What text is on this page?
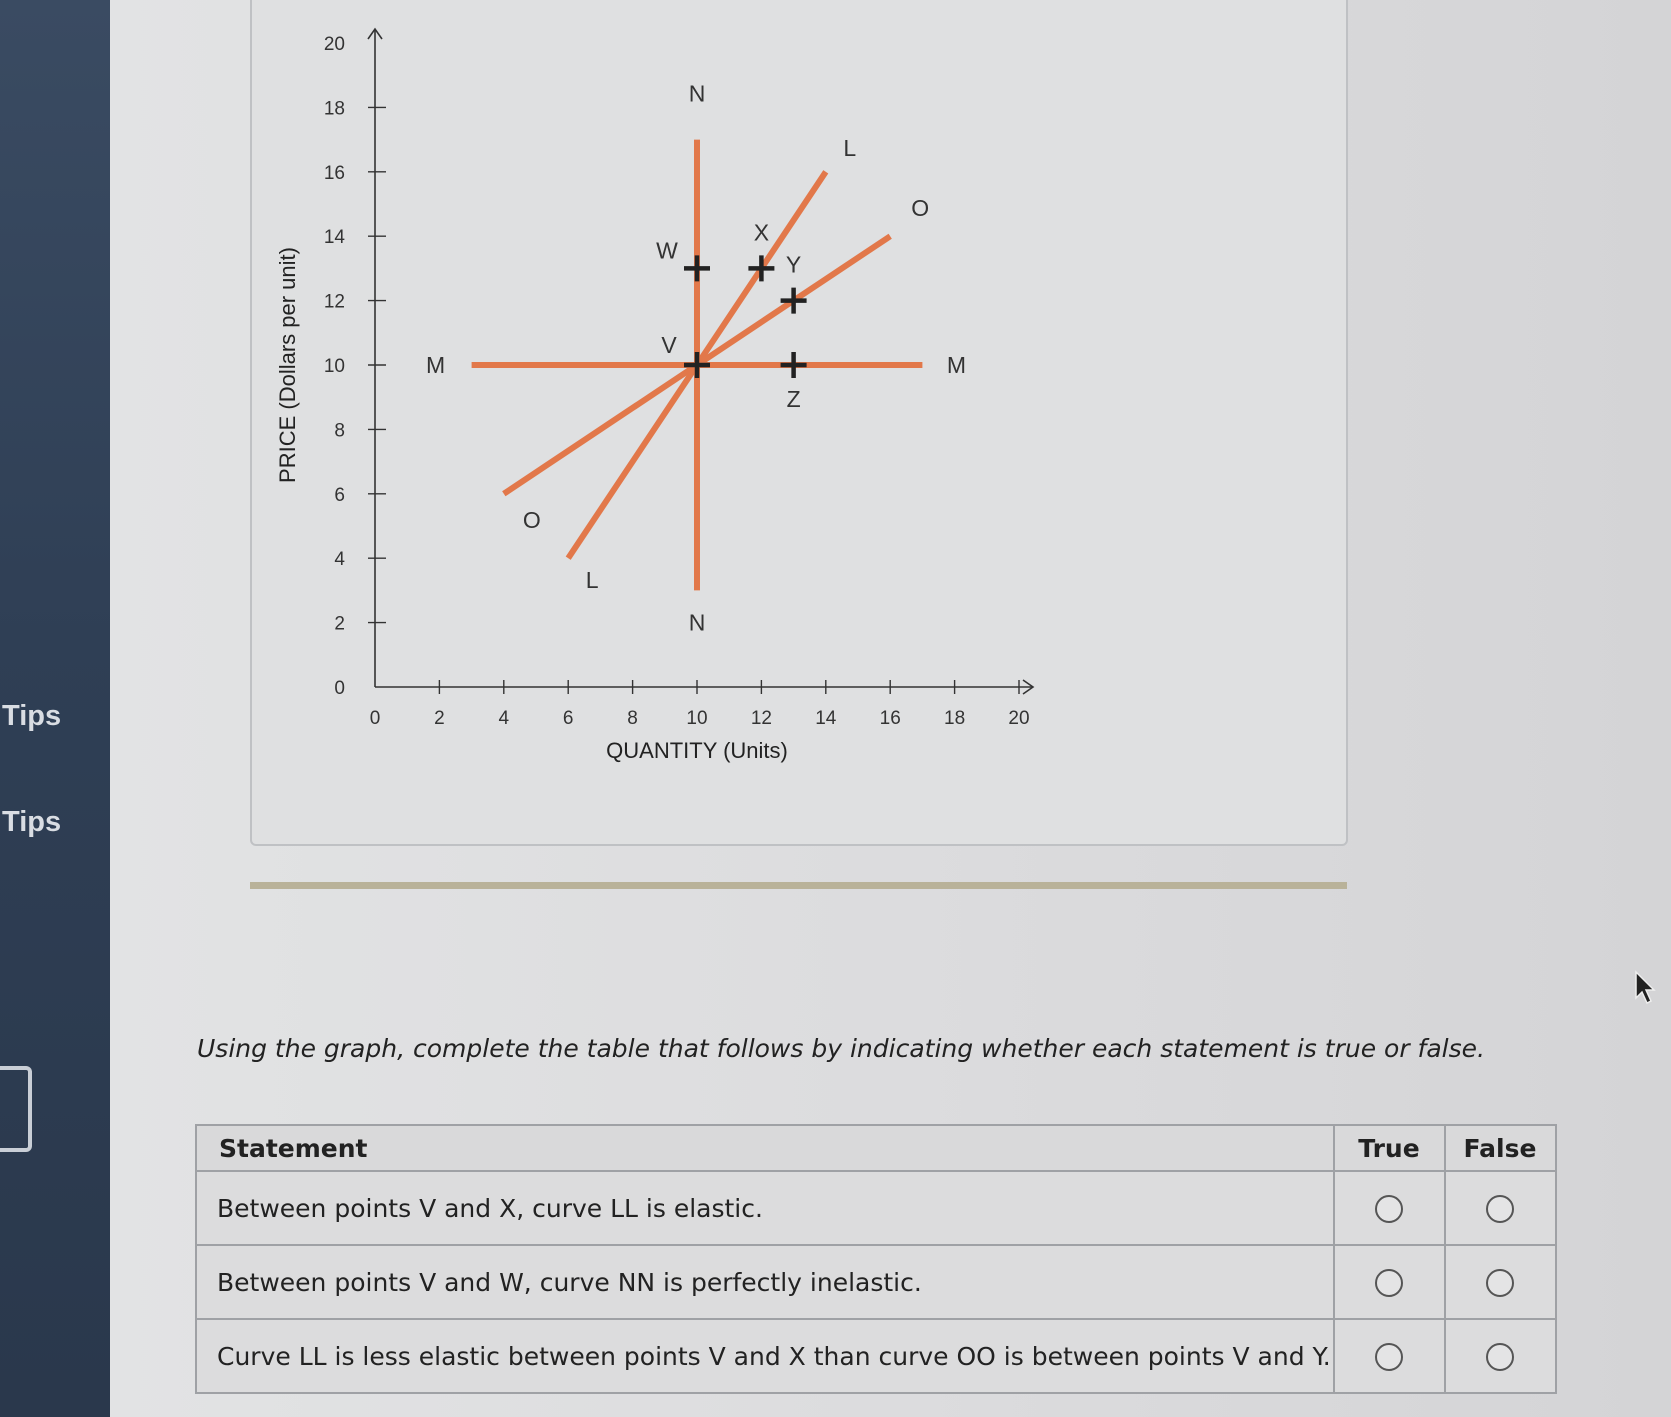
Tips
Tips
0	2	4	6	8	10 12 14 16 18 20
0
2
4
6
8
10
12
14
16
18
20
QUANTITY (Units)
PRICE (Dollars per unit)
N
N
M	M
L
L
O
O
V
W
X
Y
Z
Using the graph, complete the table that follows by indicating whether each statement is true or false.
Statement	True	False
Between points V and X, curve LL is elastic.		
Between points V and W, curve NN is perfectly inelastic.		
Curve LL is less elastic between points V and X than curve OO is between points V and Y.		
